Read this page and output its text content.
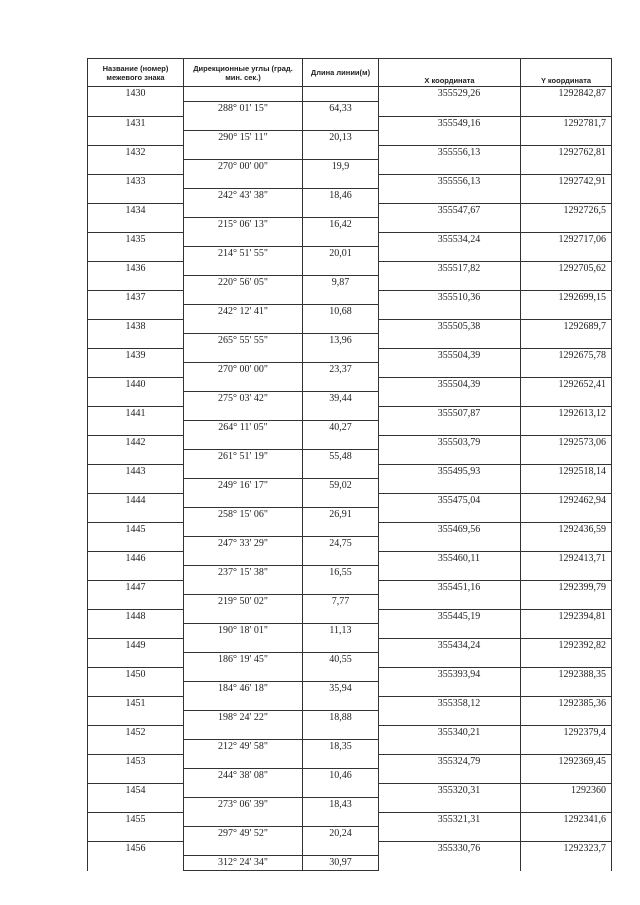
Название (номер) межевого знака	Дирекционные углы (град. мин. сек.)	Длина линии(м)	X координата	Y координата
1430			355529,26	1292842,87
	288° 01' 15"	64,33		
1431			355549,16	1292781,7
	290° 15' 11"	20,13		
1432			355556,13	1292762,81
	270° 00' 00"	19,9		
1433			355556,13	1292742,91
	242° 43' 38"	18,46		
1434			355547,67	1292726,5
	215° 06' 13"	16,42		
1435			355534,24	1292717,06
	214° 51' 55"	20,01		
1436			355517,82	1292705,62
	220° 56' 05"	9,87		
1437			355510,36	1292699,15
	242° 12' 41"	10,68		
1438			355505,38	1292689,7
	265° 55' 55"	13,96		
1439			355504,39	1292675,78
	270° 00' 00"	23,37		
1440			355504,39	1292652,41
	275° 03' 42"	39,44		
1441			355507,87	1292613,12
	264° 11' 05"	40,27		
1442			355503,79	1292573,06
	261° 51' 19"	55,48		
1443			355495,93	1292518,14
	249° 16' 17"	59,02		
1444			355475,04	1292462,94
	258° 15' 06"	26,91		
1445			355469,56	1292436,59
	247° 33' 29"	24,75		
1446			355460,11	1292413,71
	237° 15' 38"	16,55		
1447			355451,16	1292399,79
	219° 50' 02"	7,77		
1448			355445,19	1292394,81
	190° 18' 01"	11,13		
1449			355434,24	1292392,82
	186° 19' 45"	40,55		
1450			355393,94	1292388,35
	184° 46' 18"	35,94		
1451			355358,12	1292385,36
	198° 24' 22"	18,88		
1452			355340,21	1292379,4
	212° 49' 58"	18,35		
1453			355324,79	1292369,45
	244° 38' 08"	10,46		
1454			355320,31	1292360
	273° 06' 39"	18,43		
1455			355321,31	1292341,6
	297° 49' 52"	20,24		
1456			355330,76	1292323,7
	312° 24' 34"	30,97		
